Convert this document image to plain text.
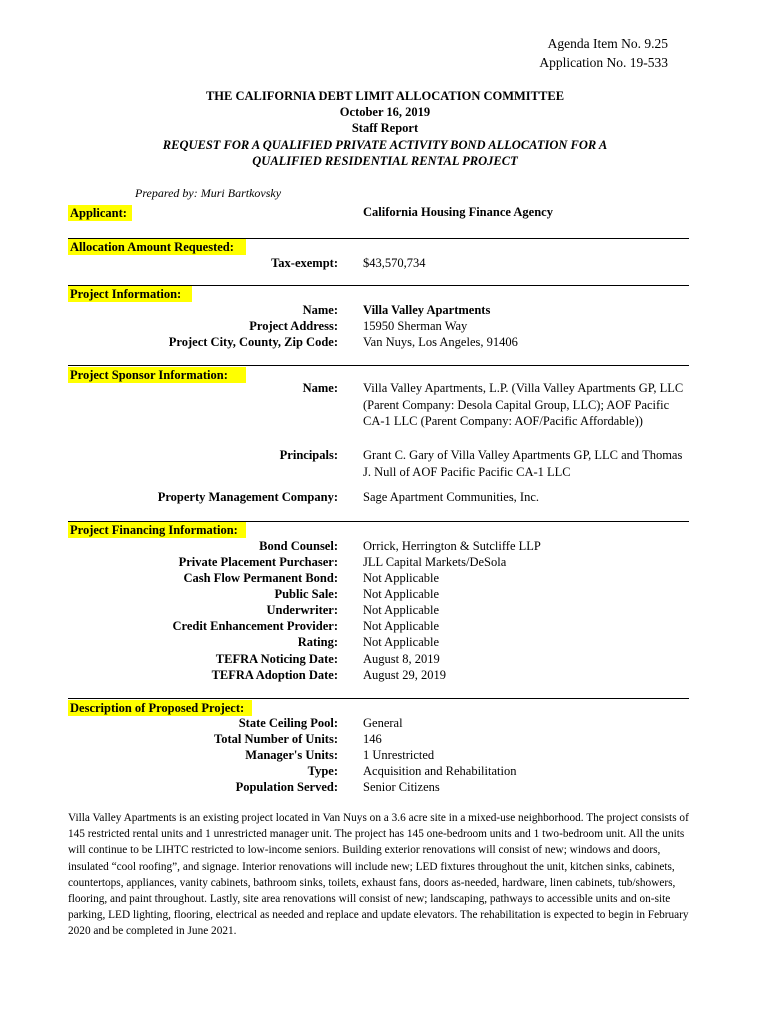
Agenda Item No. 9.25
Application No. 19-533
THE CALIFORNIA DEBT LIMIT ALLOCATION COMMITTEE
October 16, 2019
Staff Report
REQUEST FOR A QUALIFIED PRIVATE ACTIVITY BOND ALLOCATION FOR A
QUALIFIED RESIDENTIAL RENTAL PROJECT
Prepared by: Muri Bartkovsky
Applicant:	California Housing Finance Agency
Allocation Amount Requested:
Tax-exempt: $43,570,734
Project Information:
Name: Villa Valley Apartments
Project Address: 15950 Sherman Way
Project City, County, Zip Code: Van Nuys, Los Angeles, 91406
Project Sponsor Information:
Name: Villa Valley Apartments, L.P. (Villa Valley Apartments GP, LLC (Parent Company: Desola Capital Group, LLC); AOF Pacific CA-1 LLC (Parent Company: AOF/Pacific Affordable))
Principals: Grant C. Gary of Villa Valley Apartments GP, LLC and Thomas J. Null of AOF Pacific Pacific CA-1 LLC
Property Management Company: Sage Apartment Communities, Inc.
Project Financing Information:
Bond Counsel: Orrick, Herrington & Sutcliffe LLP
Private Placement Purchaser: JLL Capital Markets/DeSola
Cash Flow Permanent Bond: Not Applicable
Public Sale: Not Applicable
Underwriter: Not Applicable
Credit Enhancement Provider: Not Applicable
Rating: Not Applicable
TEFRA Noticing Date: August 8, 2019
TEFRA Adoption Date: August 29, 2019
Description of Proposed Project:
State Ceiling Pool: General
Total Number of Units: 146
Manager's Units: 1 Unrestricted
Type: Acquisition and Rehabilitation
Population Served: Senior Citizens
Villa Valley Apartments is an existing project located in Van Nuys on a 3.6 acre site in a mixed-use neighborhood. The project consists of 145 restricted rental units and 1 unrestricted manager unit. The project has 145 one-bedroom units and 1 two-bedroom unit. All the units will continue to be LIHTC restricted to low-income seniors. Building exterior renovations will consist of new; windows and doors, insulated “cool roofing”, and signage. Interior renovations will include new; LED fixtures throughout the unit, kitchen sinks, cabinets, countertops, appliances, vanity cabinets, bathroom sinks, toilets, exhaust fans, doors as-needed, hardware, linen cabinets, tub/showers, flooring, and paint throughout. Lastly, site area renovations will consist of new; landscaping, pathways to accessible units and on-site parking, LED lighting, flooring, electrical as needed and replace and update elevators. The rehabilitation is expected to begin in February 2020 and be completed in June 2021.
